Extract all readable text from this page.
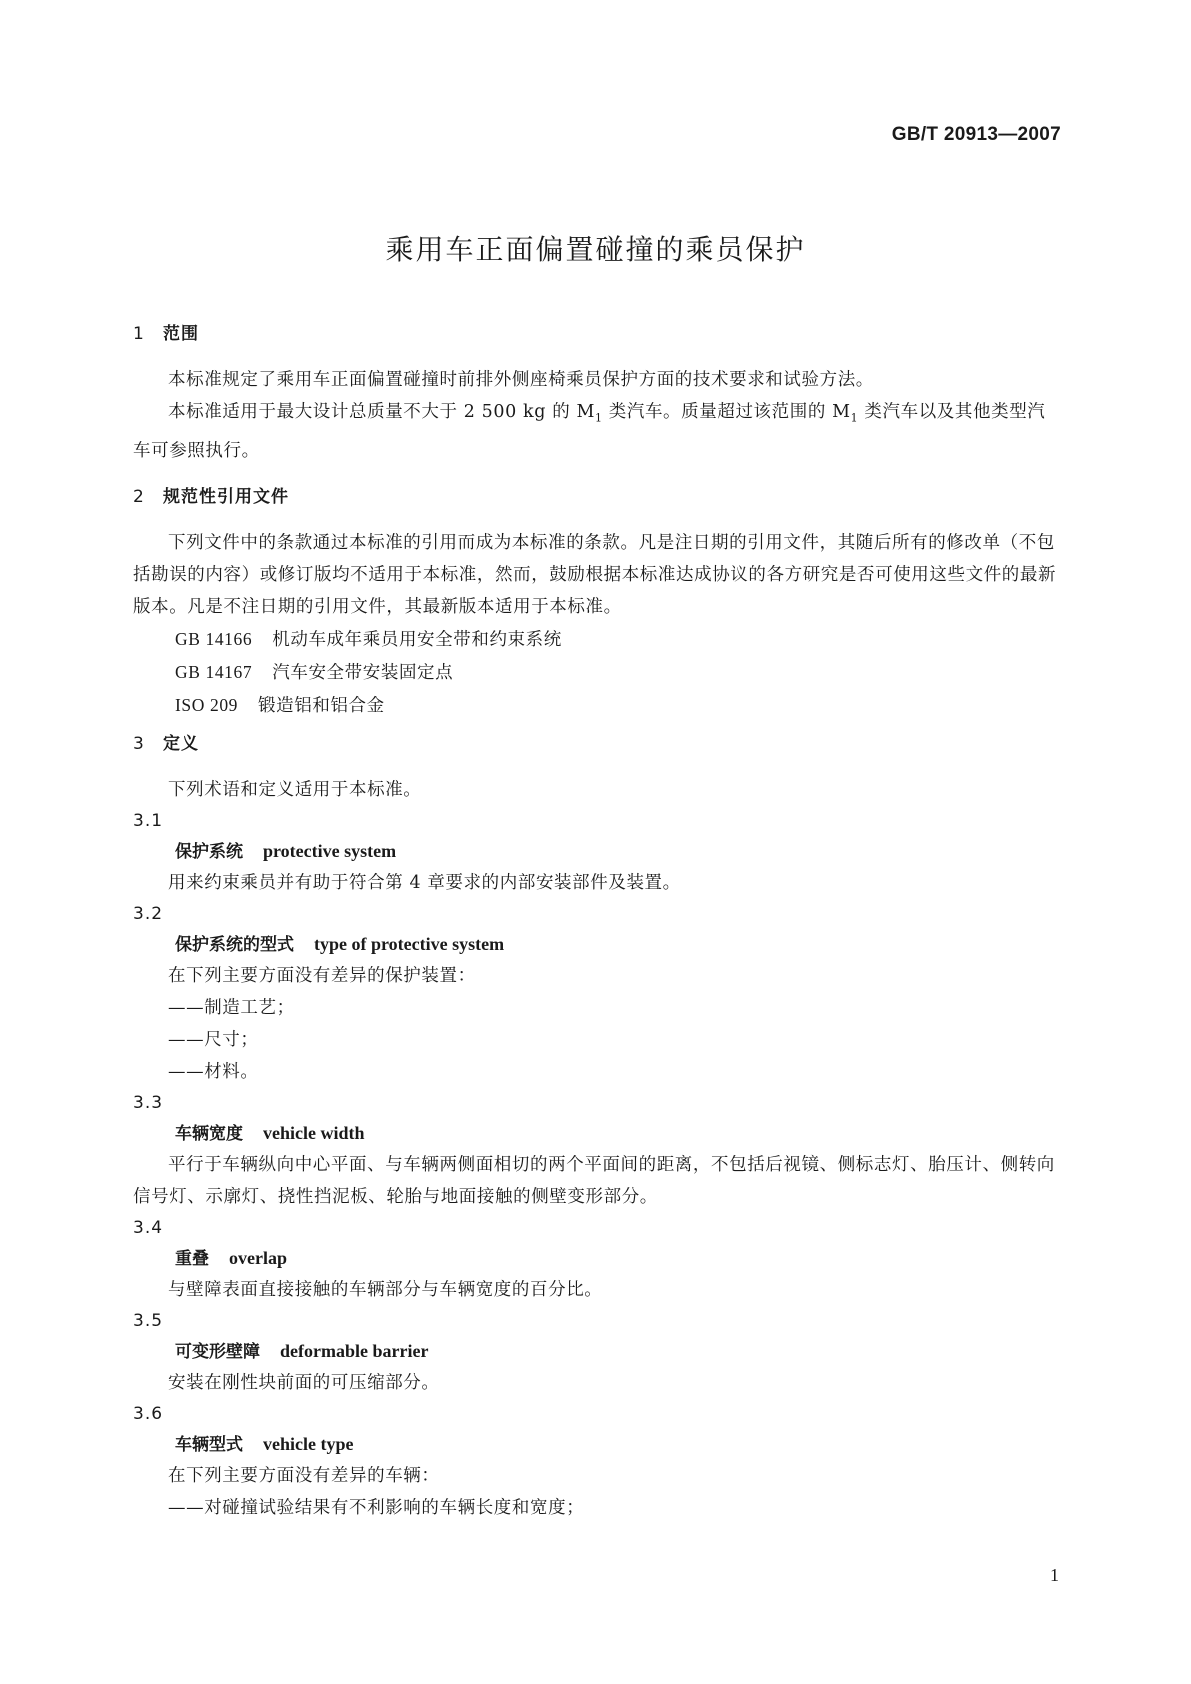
GB/T 20913—2007
乘用车正面偏置碰撞的乘员保护
1 范围

本标准规定了乘用车正面偏置碰撞时前排外侧座椅乘员保护方面的技术要求和试验方法。

本标准适用于最大设计总质量不大于 2 500 kg 的 $M_1$ 类汽车。质量超过该范围的 $M_1$ 类汽车以及其他类型汽车可参照执行。

2 规范性引用文件

下列文件中的条款通过本标准的引用而成为本标准的条款。凡是注日期的引用文件，其随后所有的修改单（不包括勘误的内容）或修订版均不适用于本标准，然而，鼓励根据本标准达成协议的各方研究是否可使用这些文件的最新版本。凡是不注日期的引用文件，其最新版本适用于本标准。

GB 14166 机动车成年乘员用安全带和约束系统
GB 14167 汽车安全带安装固定点
ISO 209 锻造铝和铝合金
3 定义

下列术语和定义适用于本标准。

3.1
保护系统 protective system

用来约束乘员并有助于符合第 4 章要求的内部安装部件及装置。

3.2
保护系统的型式 type of protective system

在下列主要方面没有差异的保护装置：

——制造工艺；

——尺寸；

——材料。

3.3
车辆宽度 vehicle width

平行于车辆纵向中心平面、与车辆两侧面相切的两个平面间的距离，不包括后视镜、侧标志灯、胎压计、侧转向信号灯、示廓灯、挠性挡泥板、轮胎与地面接触的侧壁变形部分。

3.4
重叠 overlap

与壁障表面直接接触的车辆部分与车辆宽度的百分比。

3.5
可变形壁障 deformable barrier

安装在刚性块前面的可压缩部分。

3.6
车辆型式 vehicle type

在下列主要方面没有差异的车辆：

——对碰撞试验结果有不利影响的车辆长度和宽度；

1
